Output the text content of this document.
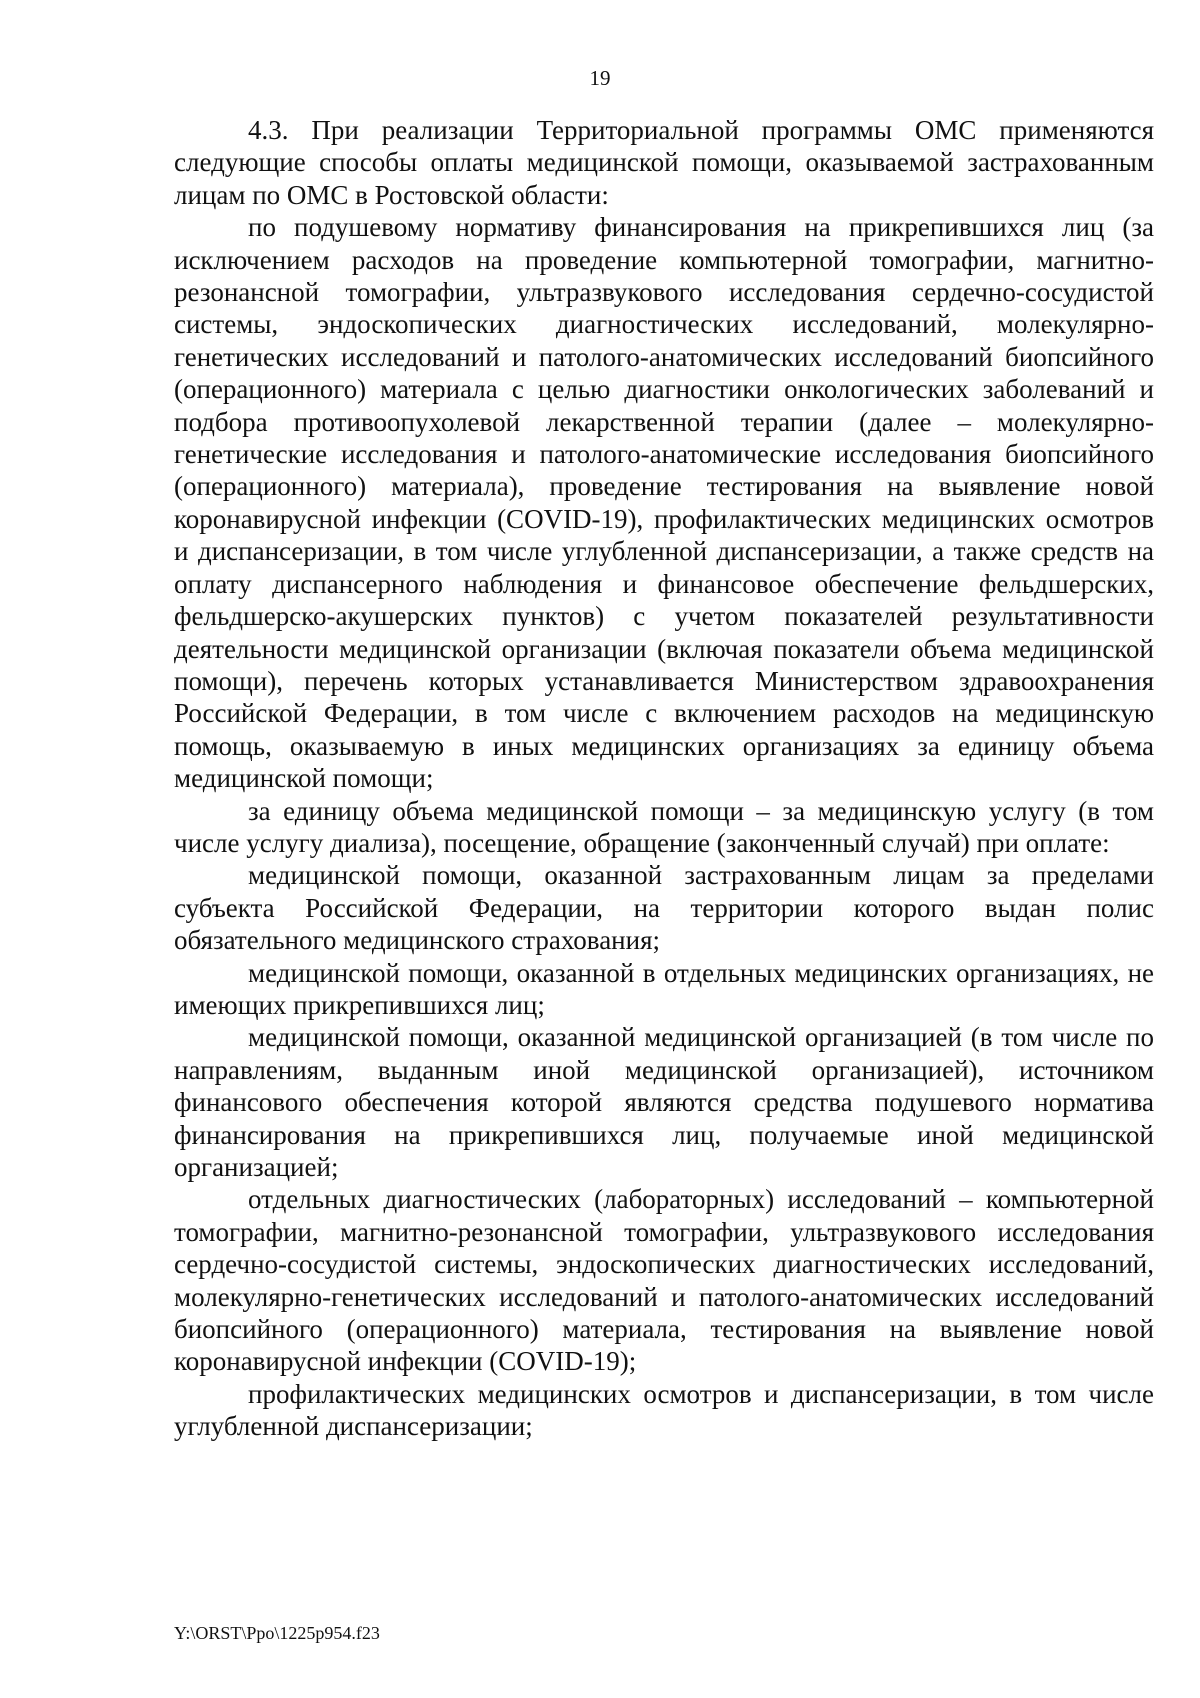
19

4.3. При реализации Территориальной программы ОМС применяются следующие способы оплаты медицинской помощи, оказываемой застрахованным лицам по ОМС в Ростовской области:

по подушевому нормативу финансирования на прикрепившихся лиц (за исключением расходов на проведение компьютерной томографии, магнитно-резонансной томографии, ультразвукового исследования сердечно-сосудистой системы, эндоскопических диагностических исследований, молекулярно-генетических исследований и патолого-анатомических исследований биопсийного (операционного) материала с целью диагностики онкологических заболеваний и подбора противоопухолевой лекарственной терапии (далее – молекулярно-генетические исследования и патолого-анатомические исследования биопсийного (операционного) материала), проведение тестирования на выявление новой коронавирусной инфекции (COVID-19), профилактических медицинских осмотров и диспансеризации, в том числе углубленной диспансеризации, а также средств на оплату диспансерного наблюдения и финансовое обеспечение фельдшерских, фельдшерско-акушерских пунктов) с учетом показателей результативности деятельности медицинской организации (включая показатели объема медицинской помощи), перечень которых устанавливается Министерством здравоохранения Российской Федерации, в том числе с включением расходов на медицинскую помощь, оказываемую в иных медицинских организациях за единицу объема медицинской помощи;

за единицу объема медицинской помощи – за медицинскую услугу (в том числе услугу диализа), посещение, обращение (законченный случай) при оплате:

медицинской помощи, оказанной застрахованным лицам за пределами субъекта Российской Федерации, на территории которого выдан полис обязательного медицинского страхования;

медицинской помощи, оказанной в отдельных медицинских организациях, не имеющих прикрепившихся лиц;

медицинской помощи, оказанной медицинской организацией (в том числе по направлениям, выданным иной медицинской организацией), источником финансового обеспечения которой являются средства подушевого норматива финансирования на прикрепившихся лиц, получаемые иной медицинской организацией;

отдельных диагностических (лабораторных) исследований – компьютерной томографии, магнитно-резонансной томографии, ультразвукового исследования сердечно-сосудистой системы, эндоскопических диагностических исследований, молекулярно-генетических исследований и патолого-анатомических исследований биопсийного (операционного) материала, тестирования на выявление новой коронавирусной инфекции (COVID-19);

профилактических медицинских осмотров и диспансеризации, в том числе углубленной диспансеризации;

Y:\ORST\Ppo\1225p954.f23
